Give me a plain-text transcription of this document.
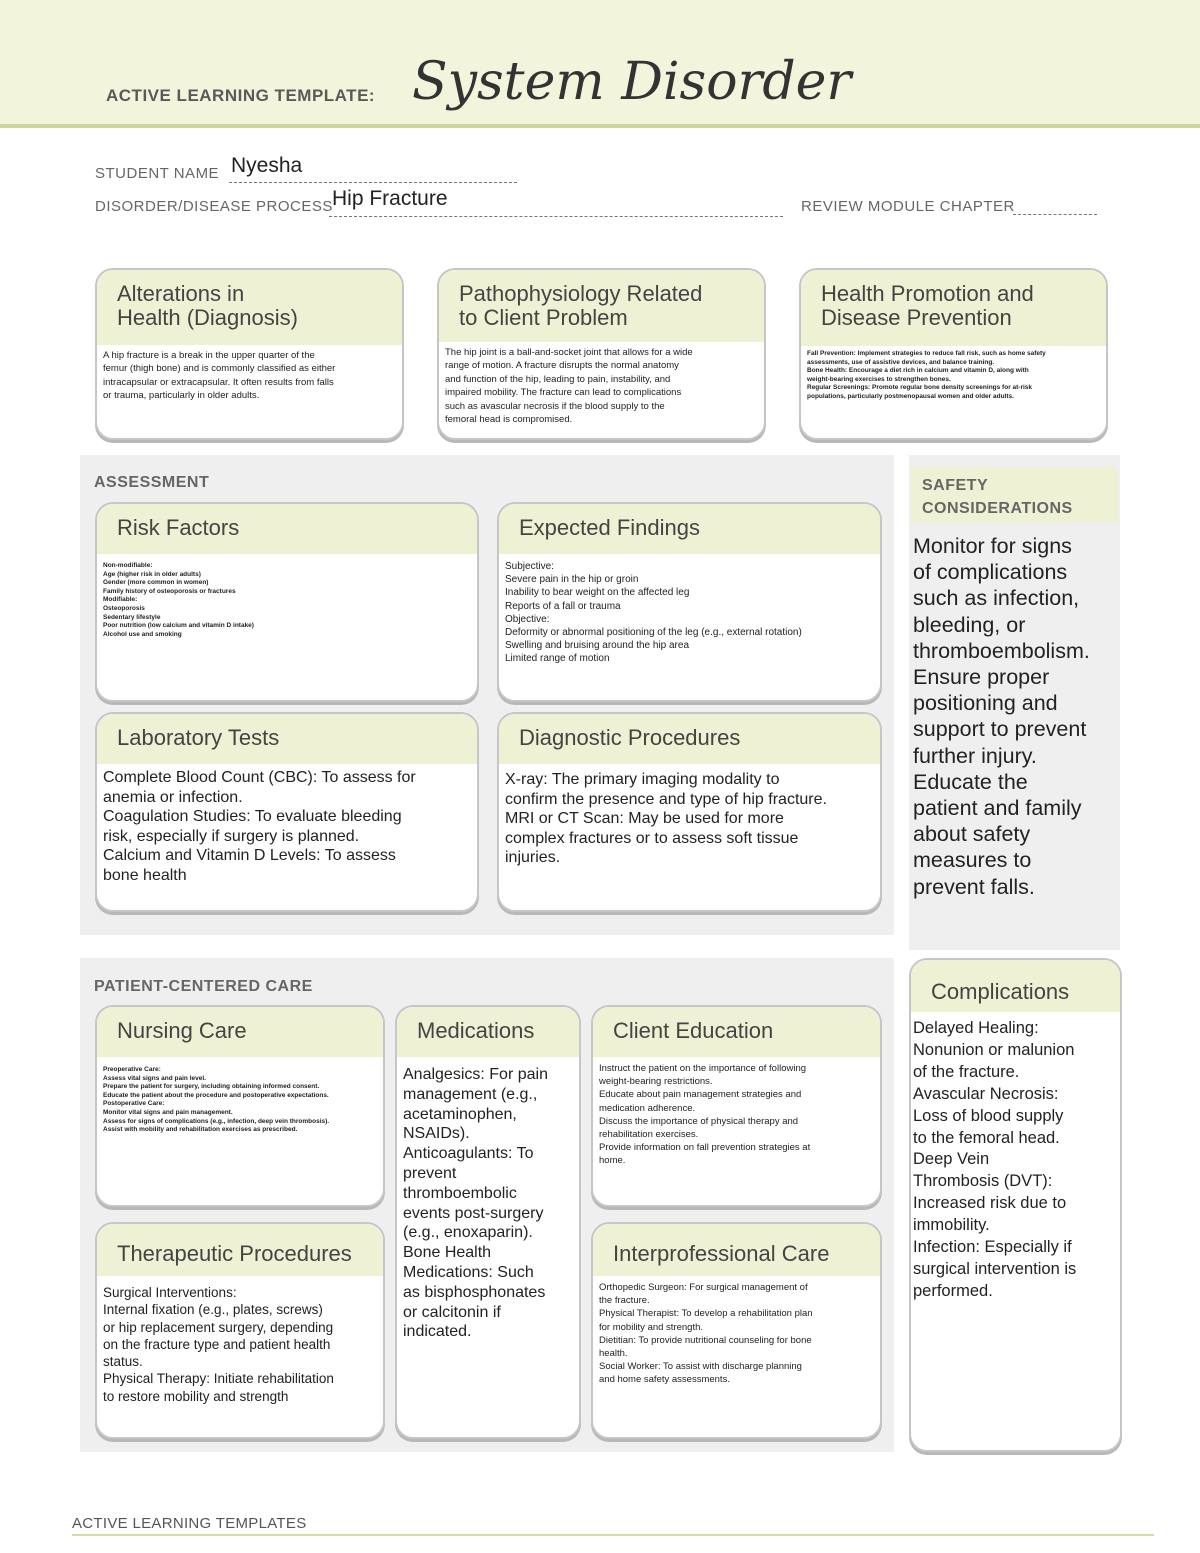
ACTIVE LEARNING TEMPLATE: System Disorder
STUDENT NAME Nyesha
DISORDER/DISEASE PROCESS Hip Fracture	REVIEW MODULE CHAPTER
Alterations in
Health (Diagnosis)
A hip fracture is a break in the upper quarter of the
femur (thigh bone) and is commonly classified as either
intracapsular or extracapsular. It often results from falls
or trauma, particularly in older adults.
Pathophysiology Related
to Client Problem
The hip joint is a ball-and-socket joint that allows for a wide
range of motion. A fracture disrupts the normal anatomy
and function of the hip, leading to pain, instability, and
impaired mobility. The fracture can lead to complications
such as avascular necrosis if the blood supply to the
femoral head is compromised.
Health Promotion and
Disease Prevention
Fall Prevention: Implement strategies to reduce fall risk, such as home safety
assessments, use of assistive devices, and balance training.
Bone Health: Encourage a diet rich in calcium and vitamin D, along with
weight-bearing exercises to strengthen bones.
Regular Screenings: Promote regular bone density screenings for at-risk
populations, particularly postmenopausal women and older adults.
ASSESSMENT
Risk Factors
Non-modifiable:
Age (higher risk in older adults)
Gender (more common in women)
Family history of osteoporosis or fractures
Modifiable:
Osteoporosis
Sedentary lifestyle
Poor nutrition (low calcium and vitamin D intake)
Alcohol use and smoking
Expected Findings
Subjective:
Severe pain in the hip or groin
Inability to bear weight on the affected leg
Reports of a fall or trauma
Objective:
Deformity or abnormal positioning of the leg (e.g., external rotation)
Swelling and bruising around the hip area
Limited range of motion
Laboratory Tests
Complete Blood Count (CBC): To assess for
anemia or infection.
Coagulation Studies: To evaluate bleeding
risk, especially if surgery is planned.
Calcium and Vitamin D Levels: To assess
bone health
Diagnostic Procedures
X-ray: The primary imaging modality to
confirm the presence and type of hip fracture.
MRI or CT Scan: May be used for more
complex fractures or to assess soft tissue
injuries.
SAFETY
CONSIDERATIONS
Monitor for signs
of complications
such as infection,
bleeding, or
thromboembolism.
Ensure proper
positioning and
support to prevent
further injury.
Educate the
patient and family
about safety
measures to
prevent falls.
PATIENT-CENTERED CARE
Nursing Care
Preoperative Care:
Assess vital signs and pain level.
Prepare the patient for surgery, including obtaining informed consent.
Educate the patient about the procedure and postoperative expectations.
Postoperative Care:
Monitor vital signs and pain management.
Assess for signs of complications (e.g., infection, deep vein thrombosis).
Assist with mobility and rehabilitation exercises as prescribed.
Medications
Analgesics: For pain
management (e.g.,
acetaminophen,
NSAIDs).
Anticoagulants: To
prevent
thromboembolic
events post-surgery
(e.g., enoxaparin).
Bone Health
Medications: Such
as bisphosphonates
or calcitonin if
indicated.
Client Education
Instruct the patient on the importance of following
weight-bearing restrictions.
Educate about pain management strategies and
medication adherence.
Discuss the importance of physical therapy and
rehabilitation exercises.
Provide information on fall prevention strategies at
home.
Therapeutic Procedures
Surgical Interventions:
Internal fixation (e.g., plates, screws)
or hip replacement surgery, depending
on the fracture type and patient health
status.
Physical Therapy: Initiate rehabilitation
to restore mobility and strength
Interprofessional Care
Orthopedic Surgeon: For surgical management of
the fracture.
Physical Therapist: To develop a rehabilitation plan
for mobility and strength.
Dietitian: To provide nutritional counseling for bone
health.
Social Worker: To assist with discharge planning
and home safety assessments.
Complications
Delayed Healing:
Nonunion or malunion
of the fracture.
Avascular Necrosis:
Loss of blood supply
to the femoral head.
Deep Vein
Thrombosis (DVT):
Increased risk due to
immobility.
Infection: Especially if
surgical intervention is
performed.
ACTIVE LEARNING TEMPLATES
